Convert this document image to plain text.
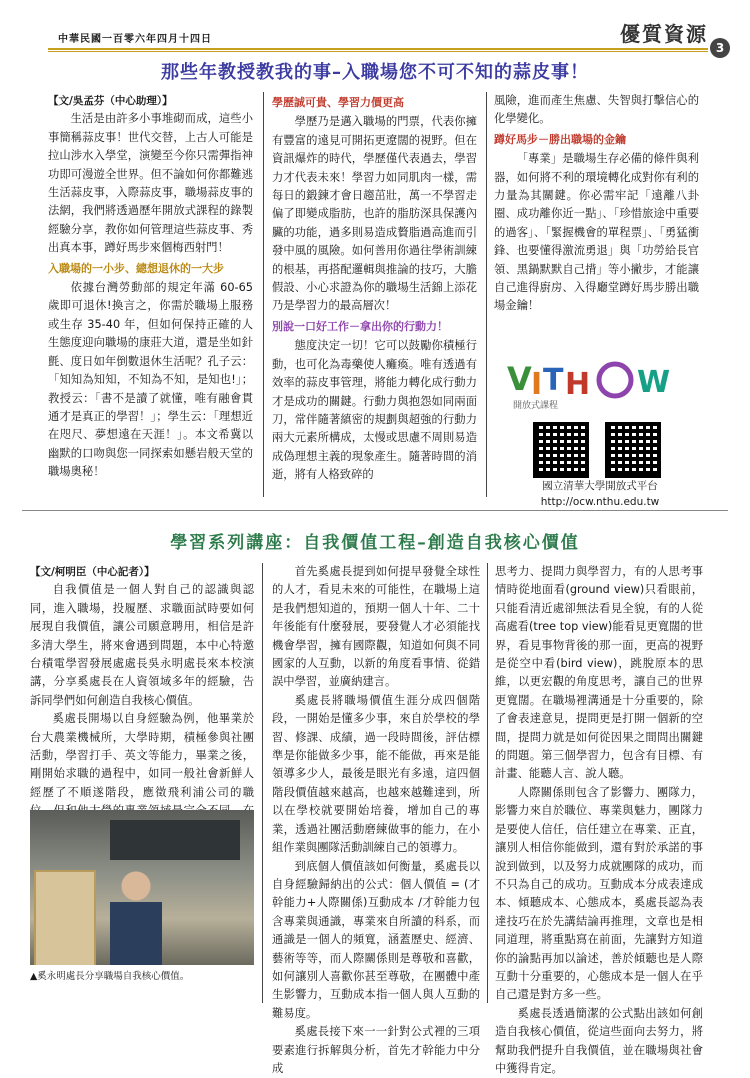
中華民國一百零六年四月十四日	優質資源
3
那些年教授教我的事–入職場您不可不知的蒜皮事！
【文/吳孟芬（中心助理）】

生活是由許多小事堆砌而成，這些小事簡稱蒜皮事！世代交替，上古人可能是拉山涉水入學堂，演變至今你只需彈指神功即可漫遊全世界。但不論如何你都難逃生活蒜皮事，入際蒜皮事，職場蒜皮事的法網，我們將透過歷年開放式課程的錄製經驗分享，教你如何管理這些蒜皮事、秀出真本事，蹲好馬步來個梅西射門！

入職場的一小步、總想退休的一大步

依據台灣勞動部的規定年滿 60-65 歲即可退休!換言之，你需於職場上服務或生存 35-40 年，但如何保持正確的人生態度迎向職場的康莊大道，還是坐如針氈、度日如年倒數退休生活呢？孔子云：「知知為知知，不知為不知，是知也!」；教授云：「書不是讀了就懂，唯有融會貫通才是真正的學習！」；學生云：「理想近在咫尺、夢想遠在天涯！」。本文希冀以幽默的口吻與您一同探索如懸岩般天堂的職場奧秘！

學歷誠可貴、學習力價更高

學歷乃是邁入職場的門票，代表你擁有豐富的遠見可開拓更遼闊的視野。但在資訊爆炸的時代，學歷僅代表過去，學習力才代表未來！學習力如同肌肉一樣，需每日的鍛鍊才會日趨茁壯，萬一不學習走偏了即變成脂肪，也許的脂肪深具保護內臟的功能，過多則易造成贅脂過高進而引發中風的風險。如何善用你過往學術訓練的根基，再搭配邏輯與推論的技巧，大膽假設、小心求證為你的職場生活錦上添花乃是學習力的最高層次！

別說一口好工作－拿出你的行動力！

態度決定一切！它可以鼓勵你積極行動，也可化為毒藥使人癱瘓。唯有透過有效率的蒜皮事管理，將能力轉化成行動力才是成功的關鍵。行動力與抱怨如同兩面刀，常伴隨著縝密的規劃與超強的行動力兩大元素所構成，太慢或思慮不周則易造成偽理想主義的現象產生。隨著時間的消逝，將有人格致碎的

風險，進而產生焦慮、失智與打擊信心的化學變化。

蹲好馬步－勝出職場的金鑰

「專業」是職場生存必備的條件與利器，如何將不利的環境轉化成對你有利的力量為其關鍵。你必需牢記「遠離八卦圈、成功離你近一點」、「珍惜旅途中重要的過客」、「緊握機會的單程票」、「勇猛衝鋒、也要懂得激流勇退」與「功勞給長官領、黑鍋默默自己揹」等小撇步，才能讓自己進得廚房、入得廳堂蹲好馬步勝出職場金鑰！

V I T H W
開放式課程
國立清華大學開放式平台
http://ocw.nthu.edu.tw
學習系列講座：自我價值工程–創造自我核心價值
【文/柯明臣（中心記者）】

自我價值是一個人對自己的認識與認同，進入職場，投履歷、求職面試時要如何展現自我價值，讓公司願意聘用，相信是許多清大學生，將來會遇到問題，本中心特邀台積電學習發展處處長吳永明處長來本校演講，分享奚處長在人資領域多年的經驗，告訴同學們如何創造自我核心價值。

奚處長開場以自身經驗為例，他畢業於台大農業機械所，大學時期，積極參與社團活動，學習打手、英文等能力，畢業之後，剛開始求職的過程中，如同一般社會新鮮人經歷了不順遂階段，應徵飛利浦公司的職

▲奚永明處長分享職場自我核心價值。

首先奚處長提到如何提早發覺全球性的人才，看見未來的可能性，在職場上這是我們想知道的，預期一個人十年、二十年後能有什麼發展，要發覺人才必須能找機會學習，擁有國際觀，知道如何與不同國家的人互動，以新的角度看事情、從錯誤中學習，並廣納建言。

奚處長將職場價值生涯分成四個階段，一開始是懂多少事，來自於學校的學習、修課、成績，過一段時間後，評估標準是你能做多少事，能不能做，再來是能領導多少人，最後是眼光有多遠，這四個階段價值越來越高，也越來越難達到，所以在學校就要開始培養，增加自己的專業，透過社團活動磨練做事的能力，在小組作業與團隊活動訓練自己的領導力。

到底個人價值該如何衡量，奚處長以自身經驗歸納出的公式：個人價值 = (才幹能力+人際關係)互動成本 /才幹能力包含專業與通識，專業來自所讀的科系，而通識是一個人的頻寬，涵蓋歷史、經濟、藝術等等，而人際關係則是尊敬和喜歡，如何讓別人喜歡你甚至尊敬，在團體中產生影響力，互動成本指一個人與人互動的難易度。

奚處長接下來一一針對公式裡的三項要素進行拆解與分析，首先才幹能力中分成

思考力、提問力與學習力，有的人思考事情時從地面看(ground view)只看眼前，只能看清近處卻無法看見全貌，有的人從高處看(tree top view)能看見更寬闊的世界，看見事物背後的那一面，更高的視野是從空中看(bird view)，跳脫原本的思維，以更宏觀的角度思考，讓自己的世界更寬闊。在職場裡溝通是十分重要的，除了會表達意見，提問更是打開一個新的空間，提問力就是如何從因果之間問出關鍵的問題。第三個學習力，包含有目標、有計畫、能聽人言、說人聽。

人際關係則包含了影響力、團隊力，影響力來自於職位、專業與魅力，團隊力是要使人信任，信任建立在專業、正直，讓別人相信你能做到，還有對於承諾的事說到做到，以及努力成就團隊的成功，而不只為自己的成功。互動成本分成表達成本、傾聽成本、心態成本，奚處長認為表達技巧在於先講結論再推理，文章也是相同道理，將重點寫在前面，先讓對方知道你的論點再加以論述，善於傾聽也是人際互動十分重要的，心態成本是一個人在乎自己還是對方多一些。

奚處長透過簡潔的公式點出該如何創造自我核心價值，從這些面向去努力，將幫助我們提升自我價值，並在職場與社會中獲得肯定。
